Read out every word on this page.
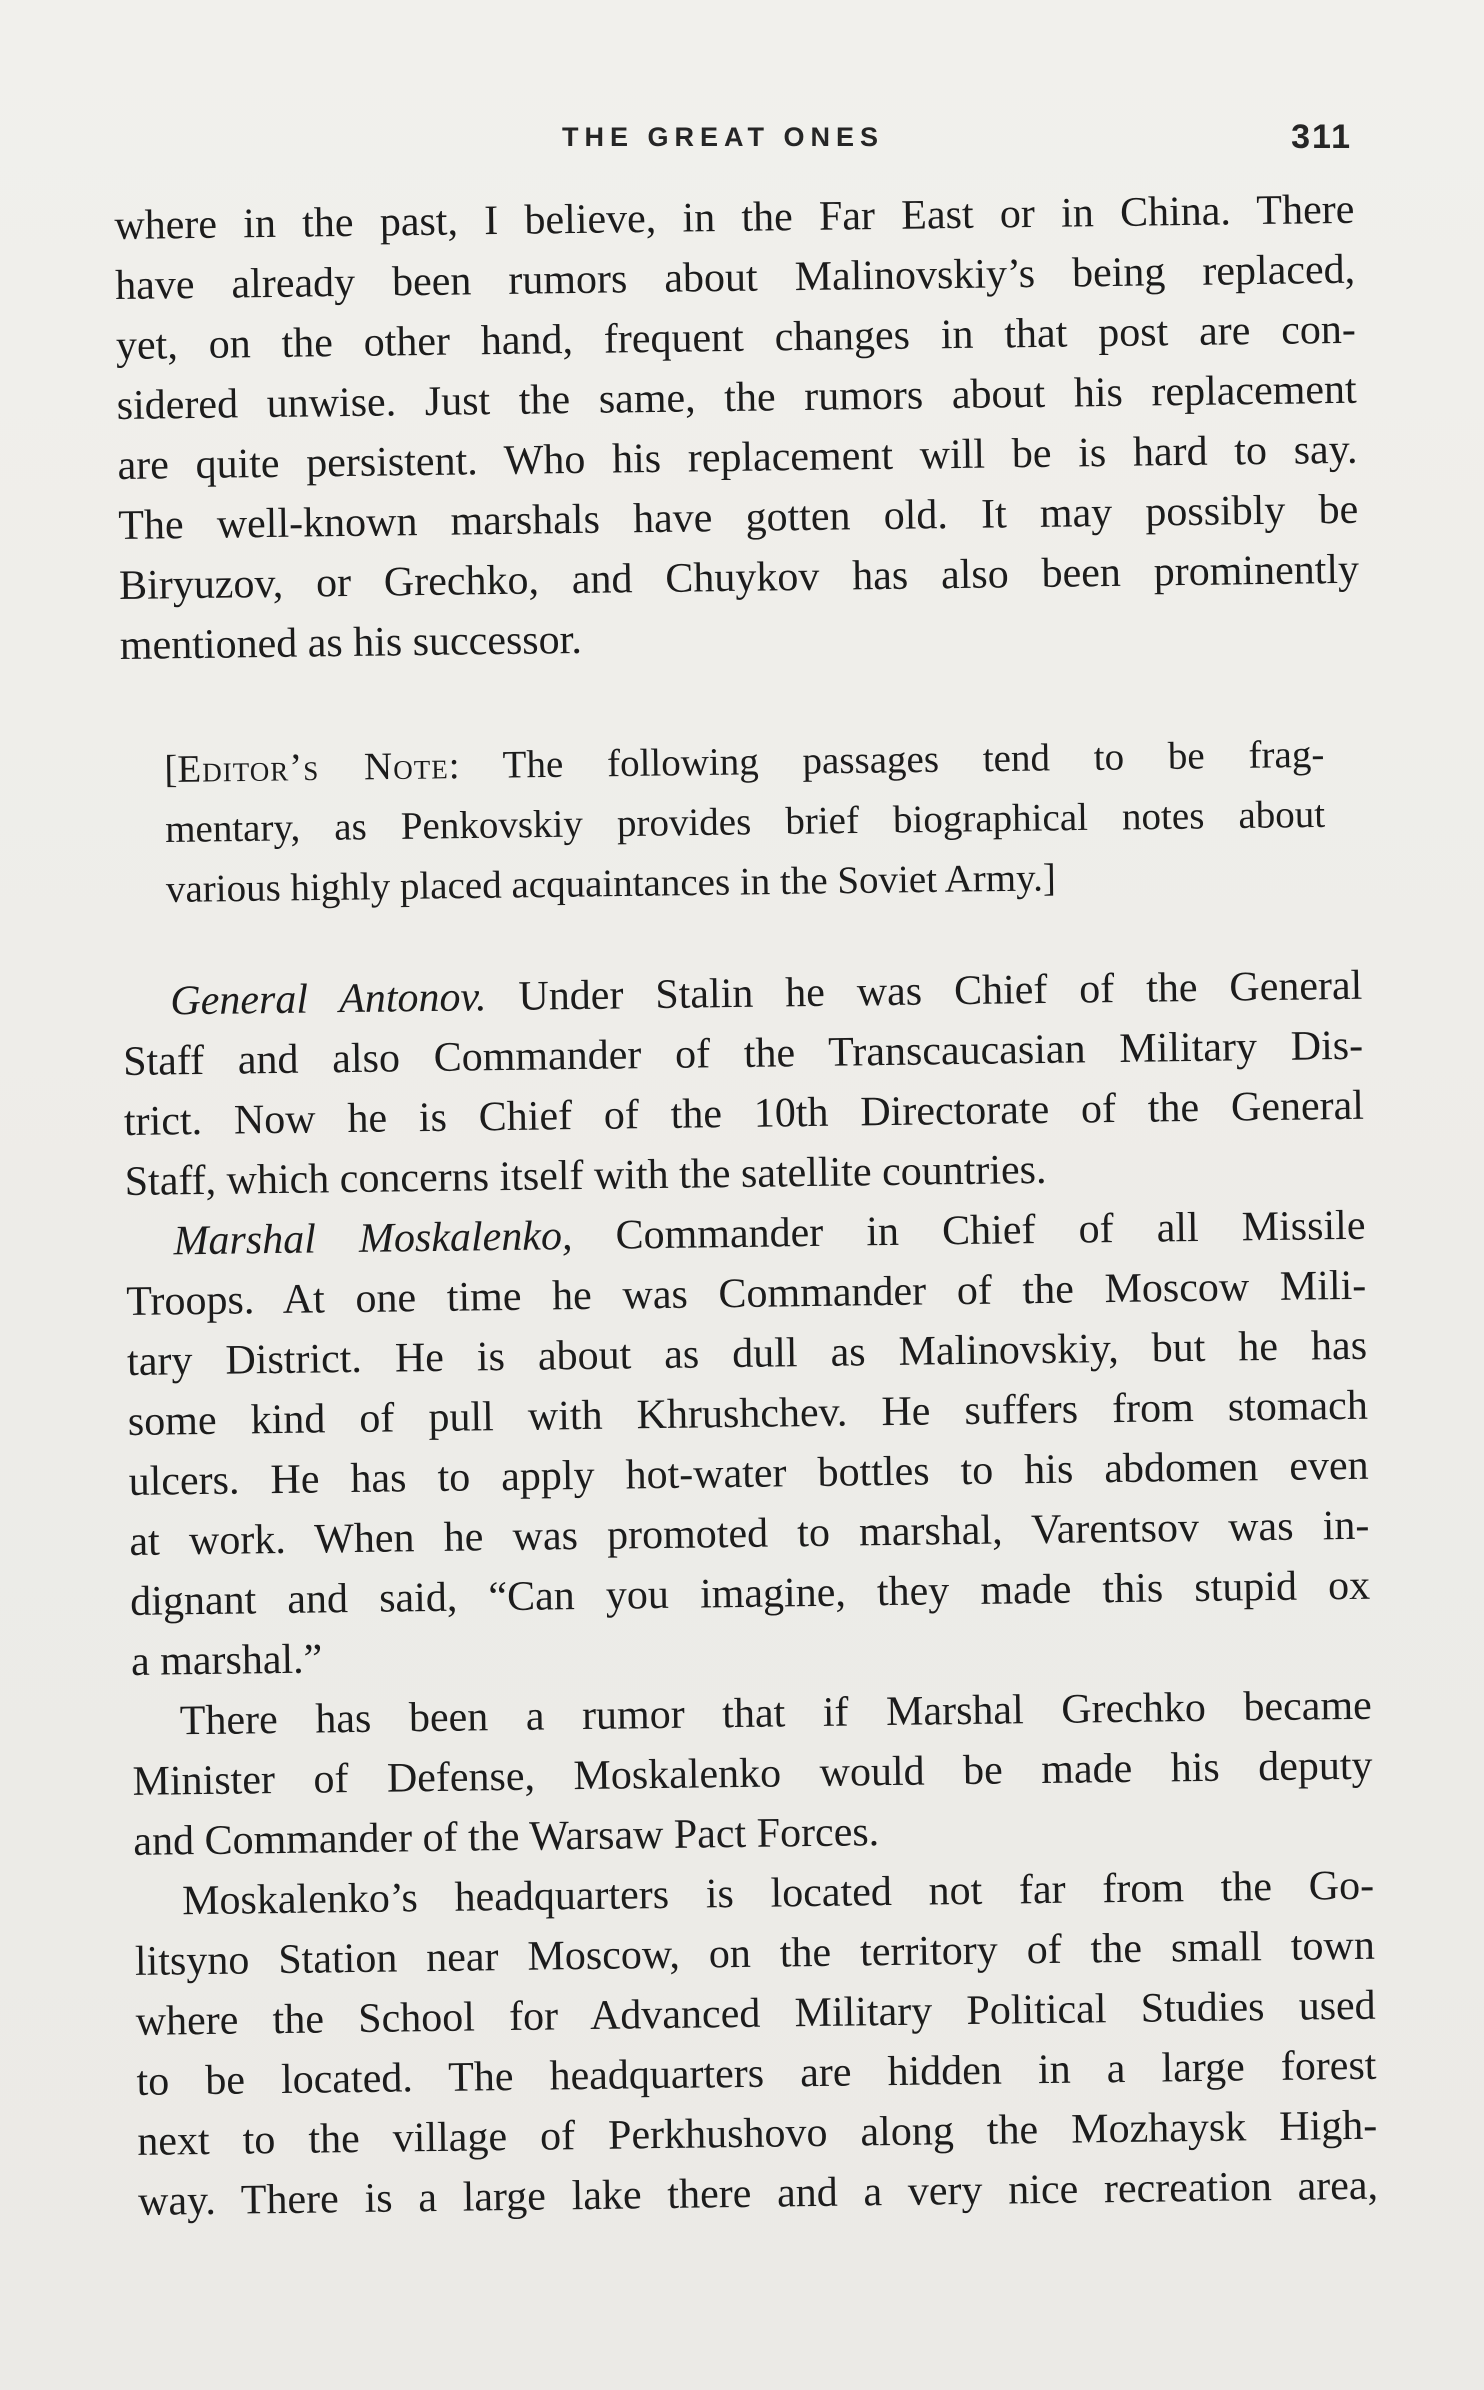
THE GREAT ONES	311
where in the past, I believe, in the Far East or in China. There
have already been rumors about Malinovskiy’s being replaced,
yet, on the other hand, frequent changes in that post are con-
sidered unwise. Just the same, the rumors about his replacement
are quite persistent. Who his replacement will be is hard to say.
The well-known marshals have gotten old. It may possibly be
Biryuzov, or Grechko, and Chuykov has also been prominently
mentioned as his successor.
[Editor’s Note: The following passages tend to be frag-
mentary, as Penkovskiy provides brief biographical notes about
various highly placed acquaintances in the Soviet Army.]
General Antonov. Under Stalin he was Chief of the General
Staff and also Commander of the Transcaucasian Military Dis-
trict. Now he is Chief of the 10th Directorate of the General
Staff, which concerns itself with the satellite countries.
Marshal Moskalenko, Commander in Chief of all Missile
Troops. At one time he was Commander of the Moscow Mili-
tary District. He is about as dull as Malinovskiy, but he has
some kind of pull with Khrushchev. He suffers from stomach
ulcers. He has to apply hot-water bottles to his abdomen even
at work. When he was promoted to marshal, Varentsov was in-
dignant and said, “Can you imagine, they made this stupid ox
a marshal.”
There has been a rumor that if Marshal Grechko became
Minister of Defense, Moskalenko would be made his deputy
and Commander of the Warsaw Pact Forces.
Moskalenko’s headquarters is located not far from the Go-
litsyno Station near Moscow, on the territory of the small town
where the School for Advanced Military Political Studies used
to be located. The headquarters are hidden in a large forest
next to the village of Perkhushovo along the Mozhaysk High-
way. There is a large lake there and a very nice recreation area,
